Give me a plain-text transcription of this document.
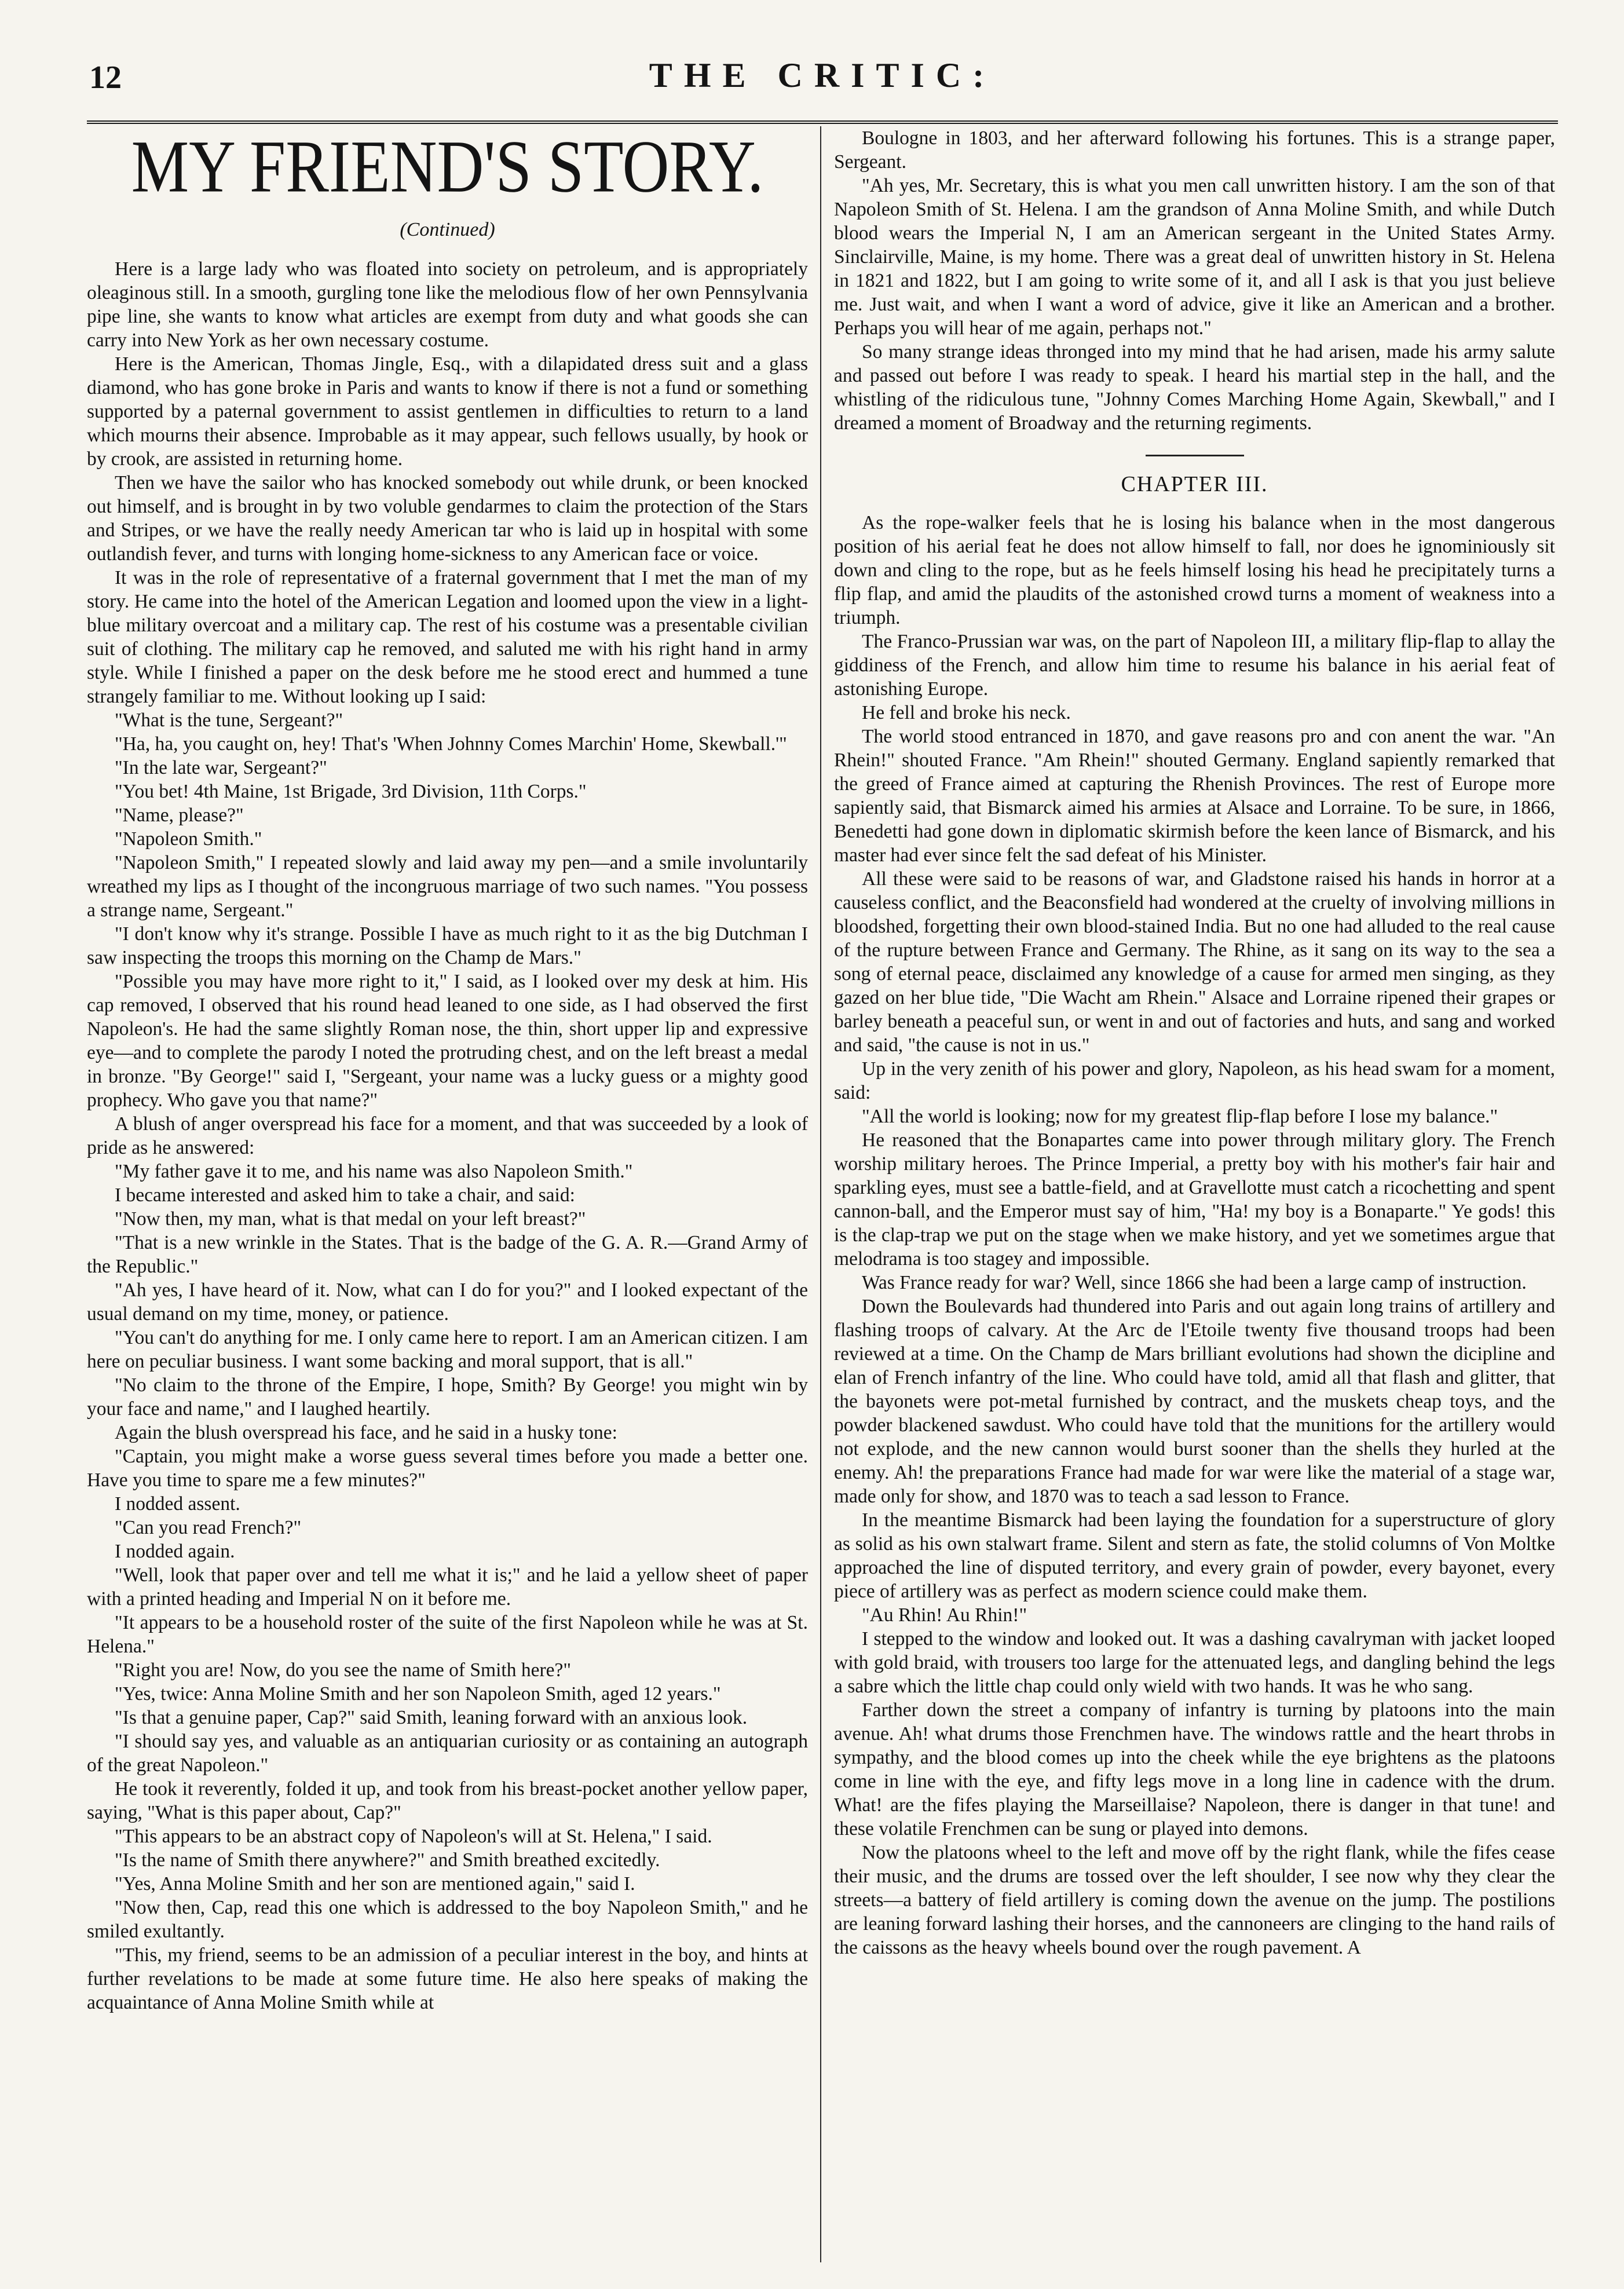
12	THE CRITIC:
MY FRIEND'S STORY.
(Continued)

Here is a large lady who was floated into society on petroleum, and is appropriately oleaginous still. In a smooth, gurgling tone like the melodious flow of her own Pennsylvania pipe line, she wants to know what articles are exempt from duty and what goods she can carry into New York as her own necessary costume.

Here is the American, Thomas Jingle, Esq., with a dilapidated dress suit and a glass diamond, who has gone broke in Paris and wants to know if there is not a fund or something supported by a paternal government to assist gentlemen in difficulties to return to a land which mourns their absence. Improbable as it may appear, such fellows usually, by hook or by crook, are assisted in returning home.

Then we have the sailor who has knocked somebody out while drunk, or been knocked out himself, and is brought in by two voluble gendarmes to claim the protection of the Stars and Stripes, or we have the really needy American tar who is laid up in hospital with some outlandish fever, and turns with longing home-sickness to any American face or voice.

It was in the role of representative of a fraternal government that I met the man of my story. He came into the hotel of the American Legation and loomed upon the view in a light-blue military overcoat and a military cap. The rest of his costume was a presentable civilian suit of clothing. The military cap he removed, and saluted me with his right hand in army style. While I finished a paper on the desk before me he stood erect and hummed a tune strangely familiar to me. Without looking up I said:

"What is the tune, Sergeant?"

"Ha, ha, you caught on, hey! That's 'When Johnny Comes Marchin' Home, Skewball.'"

"In the late war, Sergeant?"

"You bet! 4th Maine, 1st Brigade, 3rd Division, 11th Corps."

"Name, please?"

"Napoleon Smith."

"Napoleon Smith," I repeated slowly and laid away my pen—and a smile involuntarily wreathed my lips as I thought of the incongruous marriage of two such names. "You possess a strange name, Sergeant."

"I don't know why it's strange. Possible I have as much right to it as the big Dutchman I saw inspecting the troops this morning on the Champ de Mars."

"Possible you may have more right to it," I said, as I looked over my desk at him. His cap removed, I observed that his round head leaned to one side, as I had observed the first Napoleon's. He had the same slightly Roman nose, the thin, short upper lip and expressive eye—and to complete the parody I noted the protruding chest, and on the left breast a medal in bronze. "By George!" said I, "Sergeant, your name was a lucky guess or a mighty good prophecy. Who gave you that name?"

A blush of anger overspread his face for a moment, and that was succeeded by a look of pride as he answered:

"My father gave it to me, and his name was also Napoleon Smith."

I became interested and asked him to take a chair, and said:

"Now then, my man, what is that medal on your left breast?"

"That is a new wrinkle in the States. That is the badge of the G. A. R.—Grand Army of the Republic."

"Ah yes, I have heard of it. Now, what can I do for you?" and I looked expectant of the usual demand on my time, money, or patience.

"You can't do anything for me. I only came here to report. I am an American citizen. I am here on peculiar business. I want some backing and moral support, that is all."

"No claim to the throne of the Empire, I hope, Smith? By George! you might win by your face and name," and I laughed heartily.

Again the blush overspread his face, and he said in a husky tone:

"Captain, you might make a worse guess several times before you made a better one. Have you time to spare me a few minutes?"

I nodded assent.

"Can you read French?"

I nodded again.

"Well, look that paper over and tell me what it is;" and he laid a yellow sheet of paper with a printed heading and Imperial N on it before me.

"It appears to be a household roster of the suite of the first Napoleon while he was at St. Helena."

"Right you are! Now, do you see the name of Smith here?"

"Yes, twice: Anna Moline Smith and her son Napoleon Smith, aged 12 years."

"Is that a genuine paper, Cap?" said Smith, leaning forward with an anxious look.

"I should say yes, and valuable as an antiquarian curiosity or as containing an autograph of the great Napoleon."

He took it reverently, folded it up, and took from his breast-pocket another yellow paper, saying, "What is this paper about, Cap?"

"This appears to be an abstract copy of Napoleon's will at St. Helena," I said.

"Is the name of Smith there anywhere?" and Smith breathed excitedly.

"Yes, Anna Moline Smith and her son are mentioned again," said I.

"Now then, Cap, read this one which is addressed to the boy Napoleon Smith," and he smiled exultantly.

"This, my friend, seems to be an admission of a peculiar interest in the boy, and hints at further revelations to be made at some future time. He also here speaks of making the acquaintance of Anna Moline Smith while at

Boulogne in 1803, and her afterward following his fortunes. This is a strange paper, Sergeant.

"Ah yes, Mr. Secretary, this is what you men call unwritten history. I am the son of that Napoleon Smith of St. Helena. I am the grandson of Anna Moline Smith, and while Dutch blood wears the Imperial N, I am an American sergeant in the United States Army. Sinclairville, Maine, is my home. There was a great deal of unwritten history in St. Helena in 1821 and 1822, but I am going to write some of it, and all I ask is that you just believe me. Just wait, and when I want a word of advice, give it like an American and a brother. Perhaps you will hear of me again, perhaps not."

So many strange ideas thronged into my mind that he had arisen, made his army salute and passed out before I was ready to speak. I heard his martial step in the hall, and the whistling of the ridiculous tune, "Johnny Comes Marching Home Again, Skewball," and I dreamed a moment of Broadway and the returning regiments.

CHAPTER III.

As the rope-walker feels that he is losing his balance when in the most dangerous position of his aerial feat he does not allow himself to fall, nor does he ignominiously sit down and cling to the rope, but as he feels himself losing his head he precipitately turns a flip flap, and amid the plaudits of the astonished crowd turns a moment of weakness into a triumph.

The Franco-Prussian war was, on the part of Napoleon III, a military flip-flap to allay the giddiness of the French, and allow him time to resume his balance in his aerial feat of astonishing Europe.

He fell and broke his neck.

The world stood entranced in 1870, and gave reasons pro and con anent the war. "An Rhein!" shouted France. "Am Rhein!" shouted Germany. England sapiently remarked that the greed of France aimed at capturing the Rhenish Provinces. The rest of Europe more sapiently said, that Bismarck aimed his armies at Alsace and Lorraine. To be sure, in 1866, Benedetti had gone down in diplomatic skirmish before the keen lance of Bismarck, and his master had ever since felt the sad defeat of his Minister.

All these were said to be reasons of war, and Gladstone raised his hands in horror at a causeless conflict, and the Beaconsfield had wondered at the cruelty of involving millions in bloodshed, forgetting their own blood-stained India. But no one had alluded to the real cause of the rupture between France and Germany. The Rhine, as it sang on its way to the sea a song of eternal peace, disclaimed any knowledge of a cause for armed men singing, as they gazed on her blue tide, "Die Wacht am Rhein." Alsace and Lorraine ripened their grapes or barley beneath a peaceful sun, or went in and out of factories and huts, and sang and worked and said, "the cause is not in us."

Up in the very zenith of his power and glory, Napoleon, as his head swam for a moment, said:

"All the world is looking; now for my greatest flip-flap before I lose my balance."

He reasoned that the Bonapartes came into power through military glory. The French worship military heroes. The Prince Imperial, a pretty boy with his mother's fair hair and sparkling eyes, must see a battle-field, and at Gravellotte must catch a ricochetting and spent cannon-ball, and the Emperor must say of him, "Ha! my boy is a Bonaparte." Ye gods! this is the clap-trap we put on the stage when we make history, and yet we sometimes argue that melodrama is too stagey and impossible.

Was France ready for war? Well, since 1866 she had been a large camp of instruction.

Down the Boulevards had thundered into Paris and out again long trains of artillery and flashing troops of calvary. At the Arc de l'Etoile twenty five thousand troops had been reviewed at a time. On the Champ de Mars brilliant evolutions had shown the dicipline and elan of French infantry of the line. Who could have told, amid all that flash and glitter, that the bayonets were pot-metal furnished by contract, and the muskets cheap toys, and the powder blackened sawdust. Who could have told that the munitions for the artillery would not explode, and the new cannon would burst sooner than the shells they hurled at the enemy. Ah! the preparations France had made for war were like the material of a stage war, made only for show, and 1870 was to teach a sad lesson to France.

In the meantime Bismarck had been laying the foundation for a superstructure of glory as solid as his own stalwart frame. Silent and stern as fate, the stolid columns of Von Moltke approached the line of disputed territory, and every grain of powder, every bayonet, every piece of artillery was as perfect as modern science could make them.

"Au Rhin! Au Rhin!"

I stepped to the window and looked out. It was a dashing cavalryman with jacket looped with gold braid, with trousers too large for the attenuated legs, and dangling behind the legs a sabre which the little chap could only wield with two hands. It was he who sang.

Farther down the street a company of infantry is turning by platoons into the main avenue. Ah! what drums those Frenchmen have. The windows rattle and the heart throbs in sympathy, and the blood comes up into the cheek while the eye brightens as the platoons come in line with the eye, and fifty legs move in a long line in cadence with the drum. What! are the fifes playing the Marseillaise? Napoleon, there is danger in that tune! and these volatile Frenchmen can be sung or played into demons.

Now the platoons wheel to the left and move off by the right flank, while the fifes cease their music, and the drums are tossed over the left shoulder, I see now why they clear the streets—a battery of field artillery is coming down the avenue on the jump. The postilions are leaning forward lashing their horses, and the cannoneers are clinging to the hand rails of the caissons as the heavy wheels bound over the rough pavement. A
